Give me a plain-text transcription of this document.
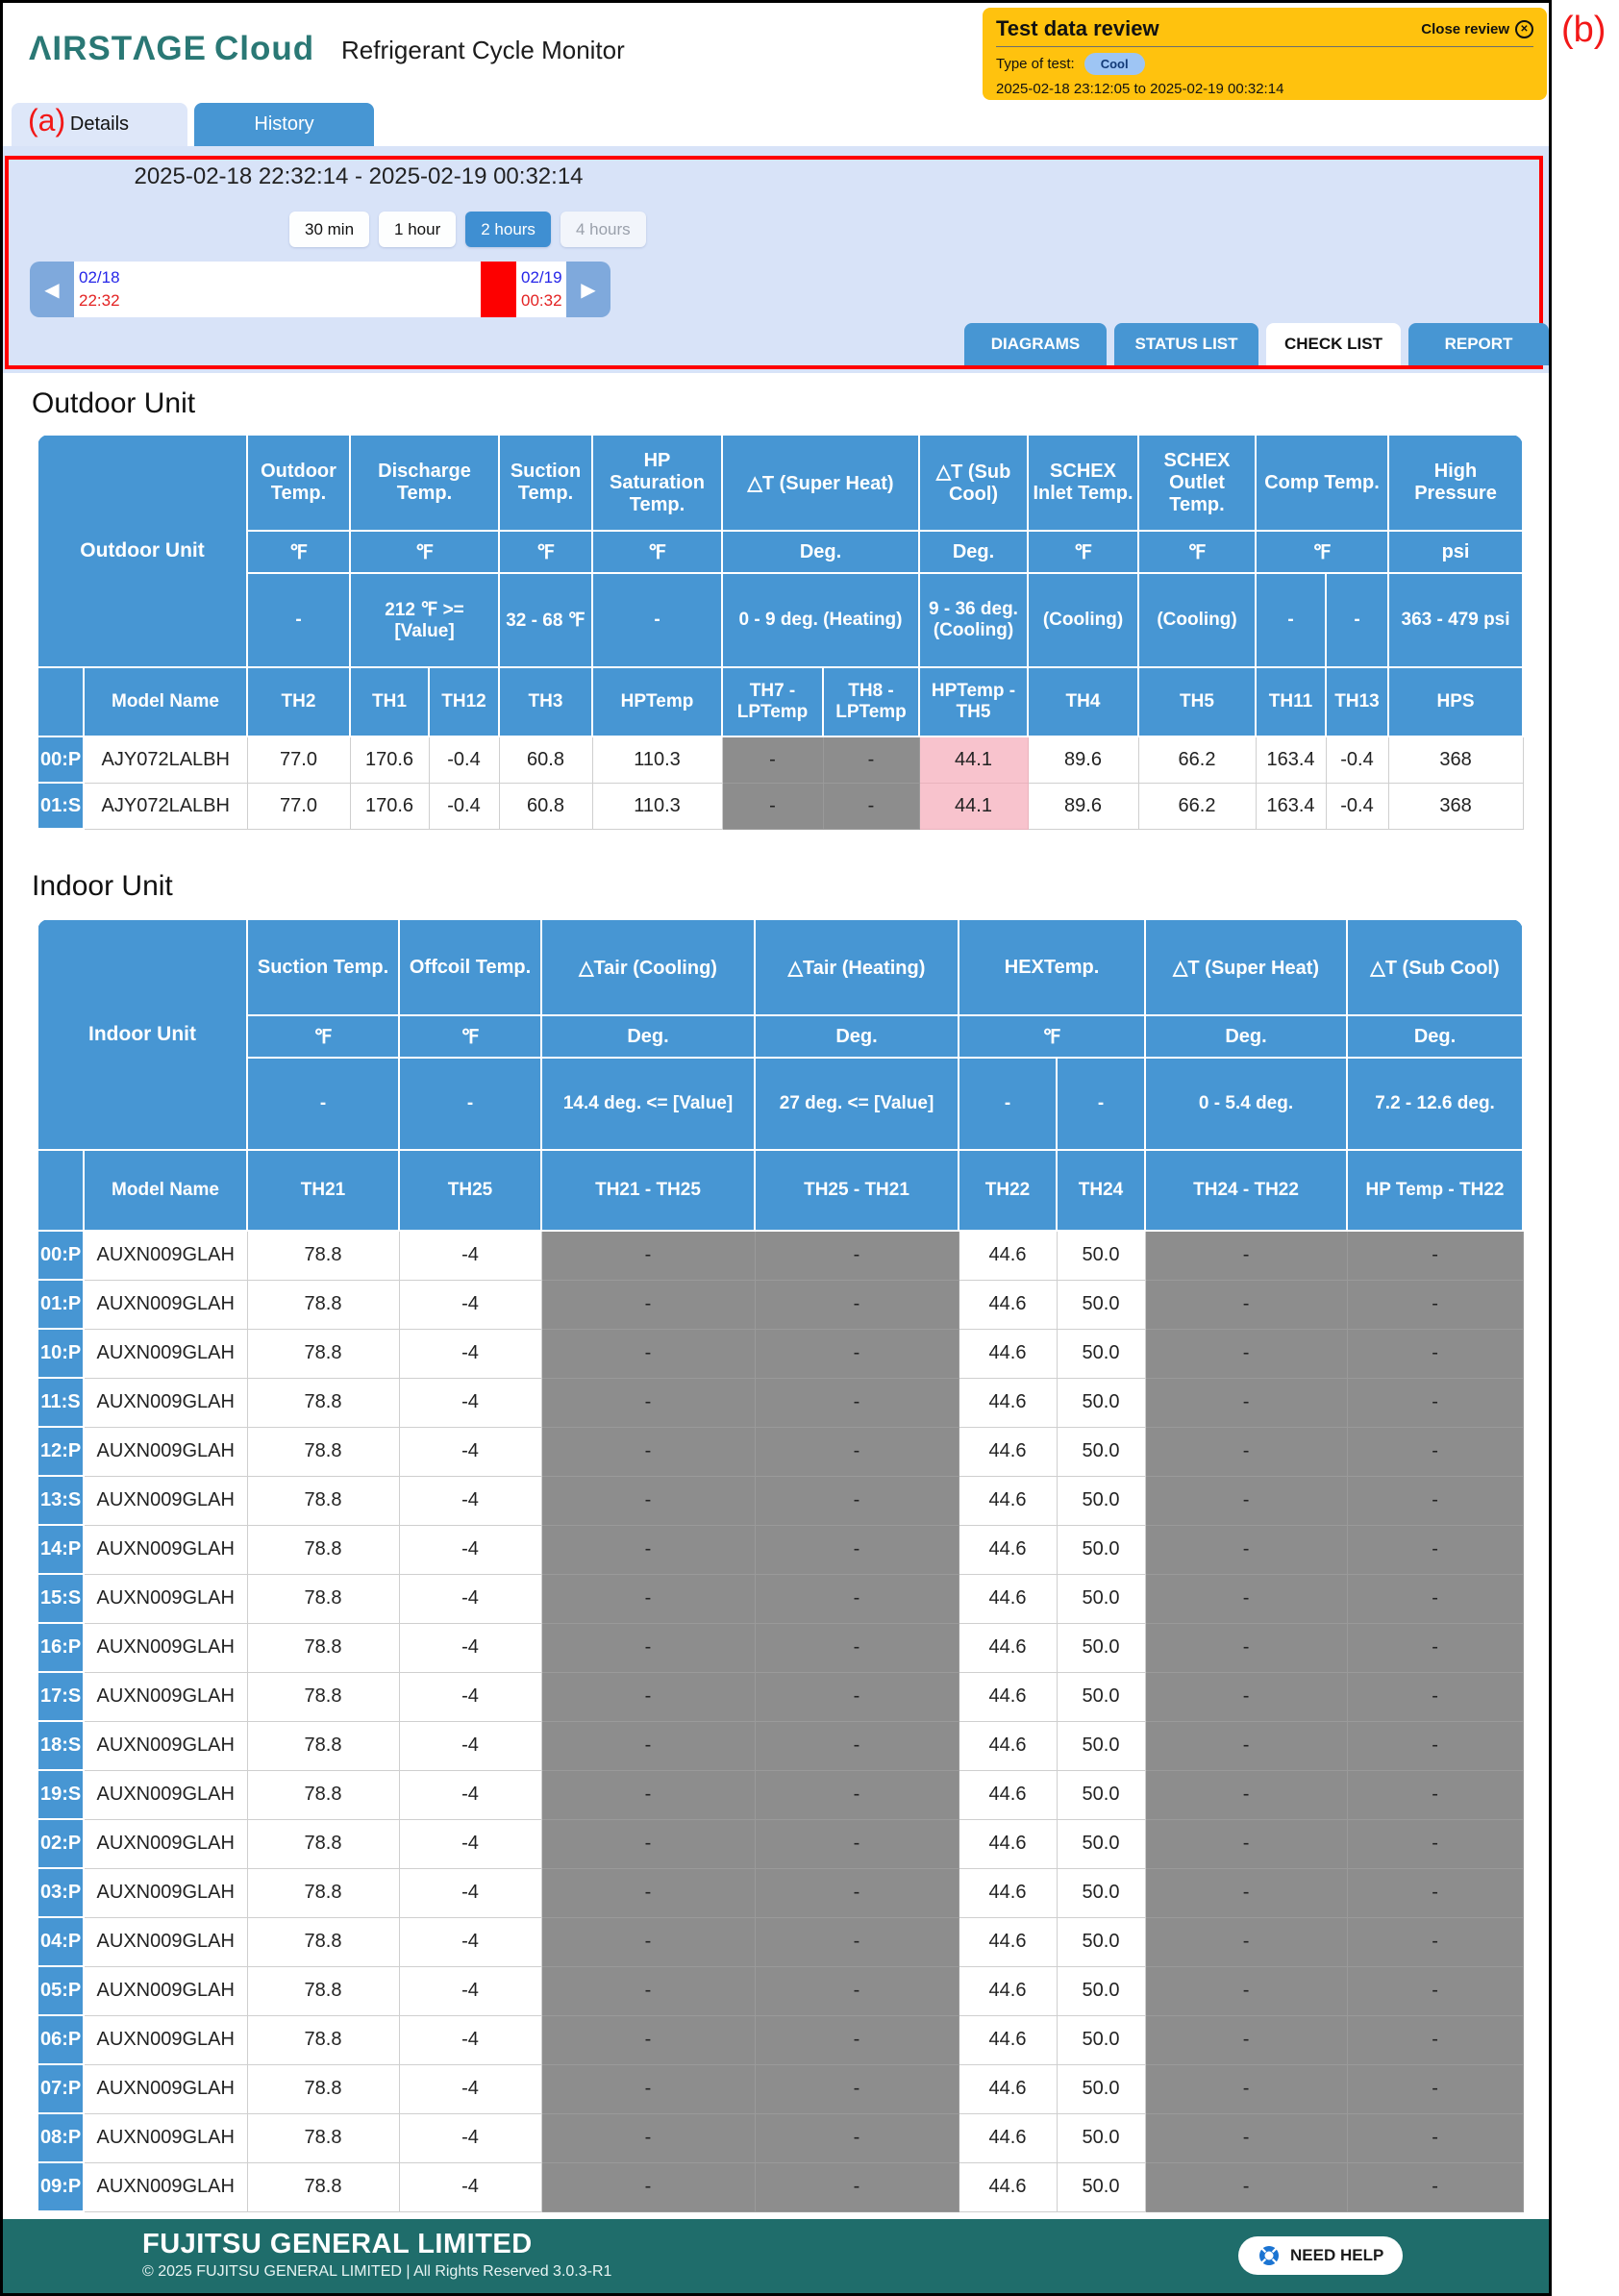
ΛIRSTΛGE Cloud Refrigerant Cycle Monitor
Test data review	Close review	✕
Type of test:	Cool
2025-02-18 23:12:05 to 2025-02-19 00:32:14
Details	History
(a)
2025-02-18 22:32:14 - 2025-02-19 00:32:14
30 min	1 hour	2 hours	4 hours
◀
02/18
22:32
02/19
00:32 ▶
DIAGRAMS	STATUS LIST	CHECK LIST	REPORT
Outdoor Unit
Outdoor Unit		Outdoor Temp.	Discharge Temp.		Suction Temp.	HP Saturation Temp.	△T (Super Heat)		△T (Sub Cool)	SCHEX Inlet Temp.	SCHEX Outlet Temp.	Comp Temp.		High Pressure
		℉	℉		℉	℉	Deg.		Deg.	℉	℉	℉		psi
		-	212 ℉ >= [Value]		32 - 68 ℉	-	0 - 9 deg. (Heating)		9 - 36 deg. (Cooling)	(Cooling)	(Cooling)	-	-	363 - 479 psi
	Model Name	TH2	TH1	TH12	TH3	HPTemp	TH7 - LPTemp	TH8 - LPTemp	HPTemp - TH5	TH4	TH5	TH11	TH13	HPS
00:P	AJY072LALBH	77.0	170.6	-0.4	60.8	110.3	-	-	44.1	89.6	66.2	163.4	-0.4	368
01:S	AJY072LALBH	77.0	170.6	-0.4	60.8	110.3	-	-	44.1	89.6	66.2	163.4	-0.4	368
Indoor Unit
Indoor Unit		Suction Temp.	Offcoil Temp.	△Tair (Cooling)	△Tair (Heating)	HEXTemp.		△T (Super Heat)	△T (Sub Cool)
		℉	℉	Deg.	Deg.	℉		Deg.	Deg.
		-	-	14.4 deg. <= [Value]	27 deg. <= [Value]	-	-	0 - 5.4 deg.	7.2 - 12.6 deg.
	Model Name	TH21	TH25	TH21 - TH25	TH25 - TH21	TH22	TH24	TH24 - TH22	HP Temp - TH22
00:P	AUXN009GLAH	78.8	-4	-	-	44.6	50.0	-	-
01:P	AUXN009GLAH	78.8	-4	-	-	44.6	50.0	-	-
10:P	AUXN009GLAH	78.8	-4	-	-	44.6	50.0	-	-
11:S	AUXN009GLAH	78.8	-4	-	-	44.6	50.0	-	-
12:P	AUXN009GLAH	78.8	-4	-	-	44.6	50.0	-	-
13:S	AUXN009GLAH	78.8	-4	-	-	44.6	50.0	-	-
14:P	AUXN009GLAH	78.8	-4	-	-	44.6	50.0	-	-
15:S	AUXN009GLAH	78.8	-4	-	-	44.6	50.0	-	-
16:P	AUXN009GLAH	78.8	-4	-	-	44.6	50.0	-	-
17:S	AUXN009GLAH	78.8	-4	-	-	44.6	50.0	-	-
18:S	AUXN009GLAH	78.8	-4	-	-	44.6	50.0	-	-
19:S	AUXN009GLAH	78.8	-4	-	-	44.6	50.0	-	-
02:P	AUXN009GLAH	78.8	-4	-	-	44.6	50.0	-	-
03:P	AUXN009GLAH	78.8	-4	-	-	44.6	50.0	-	-
04:P	AUXN009GLAH	78.8	-4	-	-	44.6	50.0	-	-
05:P	AUXN009GLAH	78.8	-4	-	-	44.6	50.0	-	-
06:P	AUXN009GLAH	78.8	-4	-	-	44.6	50.0	-	-
07:P	AUXN009GLAH	78.8	-4	-	-	44.6	50.0	-	-
08:P	AUXN009GLAH	78.8	-4	-	-	44.6	50.0	-	-
09:P	AUXN009GLAH	78.8	-4	-	-	44.6	50.0	-	-
FUJITSU GENERAL LIMITED
© 2025 FUJITSU GENERAL LIMITED | All Rights Reserved 3.0.3-R1
NEED HELP
(b)
